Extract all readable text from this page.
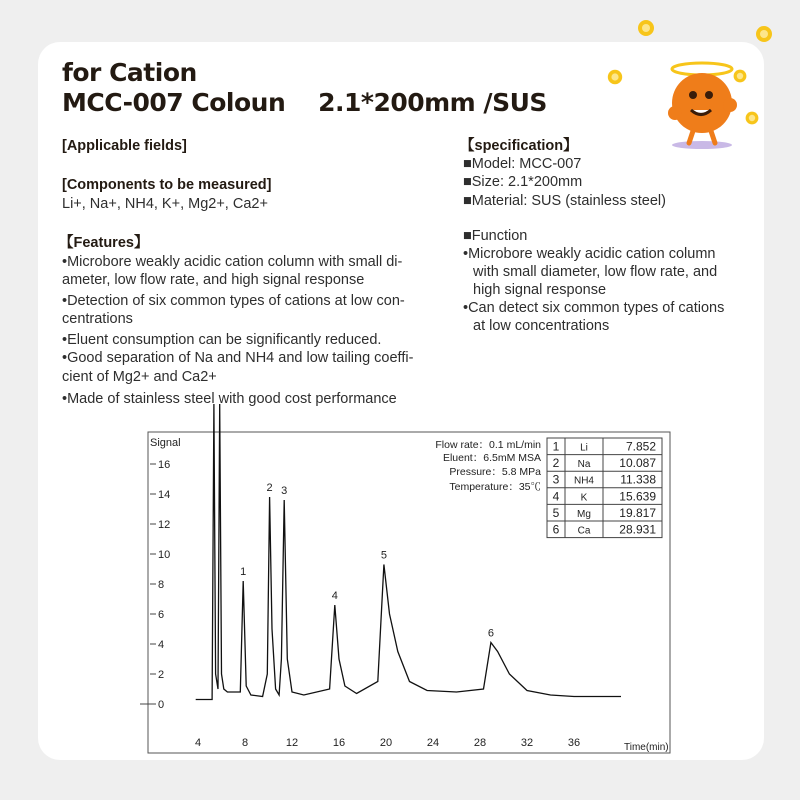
for Cation
MCC-007 Coloun    2.1*200mm /SUS
[Applicable fields]
[Components to be measured]
Li+, Na+, NH4, K+, Mg2+, Ca2+
【Features】
•Microbore weakly acidic cation column with small di-
ameter, low flow rate, and high signal response
•Detection of six common types of cations at low con-
centrations
•Eluent consumption can be significantly reduced.
•Good separation of Na and NH4 and low tailing coeffi-
cient of Mg2+ and Ca2+
•Made of stainless steel with good cost performance
【specification】
■Model: MCC-007
■Size: 2.1*200mm
■Material: SUS (stainless steel)
■Function
•Microbore weakly acidic cation column
with small diameter, low flow rate, and
high signal response
•Can detect six common types of cations
at low concentrations
Signal
Time(min)
0
2
4
6
8
10
12
14
16
4	8	12	16	20	24	28	32	36
1
2 3
4
5
6
Flow rate：0.1 mL/min
Eluent：6.5mM MSA
Pressure：5.8 MPa
Temperature：35℃
1 Li	7.852
2 Na 10.087
3 NH4 11.338
4 K	15.639
5 Mg 19.817
6 Ca 28.931
